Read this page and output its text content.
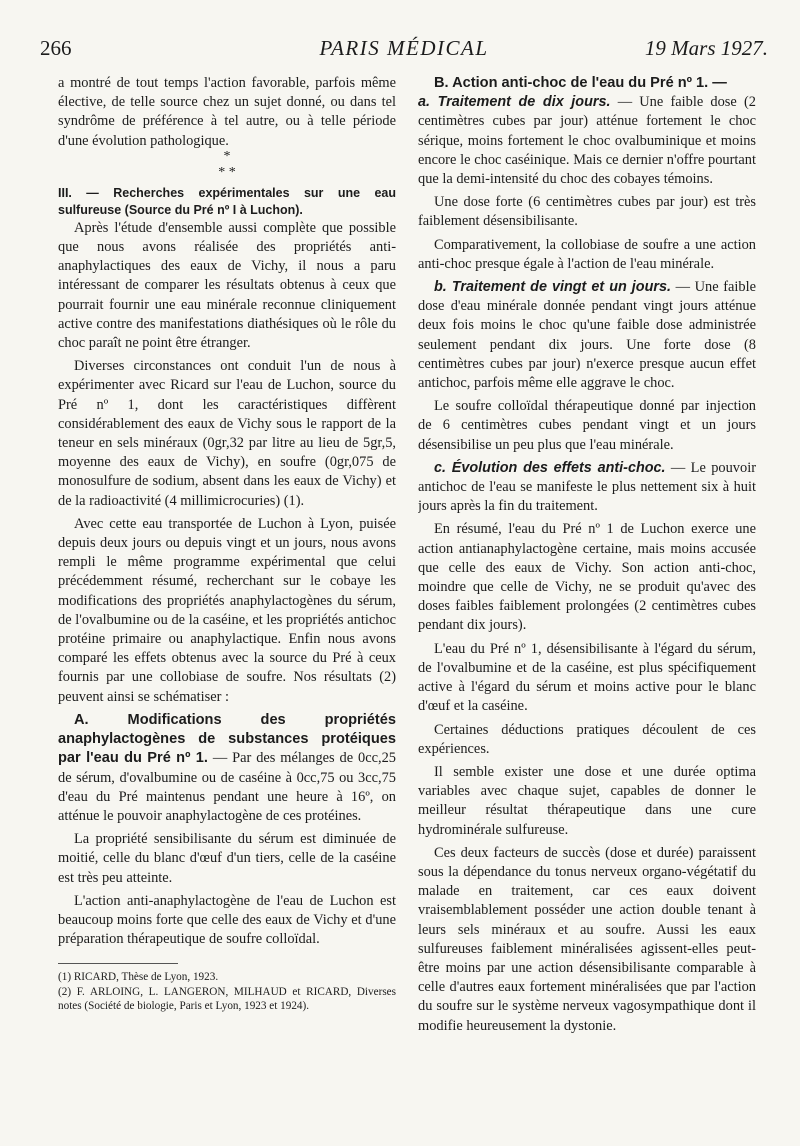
266	PARIS MÉDICAL	19 Mars 1927.

a montré de tout temps l'action favorable, parfois même élective, de telle source chez un sujet donné, ou dans tel syndrôme de préférence à tel autre, ou à telle période d'une évolution pathologique.

*
* *

III. — Recherches expérimentales sur une eau sulfureuse (Source du Pré nº I à Luchon).

Après l'étude d'ensemble aussi complète que possible que nous avons réalisée des propriétés anti-anaphylactiques des eaux de Vichy, il nous a paru intéressant de comparer les résultats obtenus à ceux que pourrait fournir une eau minérale reconnue cliniquement active contre des manifestations diathésiques où le rôle du choc paraît ne point être étranger.

Diverses circonstances ont conduit l'un de nous à expérimenter avec Ricard sur l'eau de Luchon, source du Pré nº 1, dont les caractéristiques diffèrent considérablement des eaux de Vichy sous le rapport de la teneur en sels minéraux (0gr,32 par litre au lieu de 5gr,5, moyenne des eaux de Vichy), en soufre (0gr,075 de monosulfure de sodium, absent dans les eaux de Vichy) et de la radioactivité (4 millimicrocuries) (1).

Avec cette eau transportée de Luchon à Lyon, puisée depuis deux jours ou depuis vingt et un jours, nous avons rempli le même programme expérimental que celui précédemment résumé, recherchant sur le cobaye les modifications des propriétés anaphylactogènes du sérum, de l'ovalbumine ou de la caséine, et les propriétés antichoc protéine primaire ou anaphylactique. Enfin nous avons comparé les effets obtenus avec la source du Pré à ceux fournis par une collobiase de soufre. Nos résultats (2) peuvent ainsi se schématiser :

A. Modifications des propriétés anaphylactogènes de substances protéiques par l'eau du Pré nº 1. — Par des mélanges de 0cc,25 de sérum, d'ovalbumine ou de caséine à 0cc,75 ou 3cc,75 d'eau du Pré maintenus pendant une heure à 16º, on atténue le pouvoir anaphylactogène de ces protéines.

La propriété sensibilisante du sérum est diminuée de moitié, celle du blanc d'œuf d'un tiers, celle de la caséine est très peu atteinte.

L'action anti-anaphylactogène de l'eau de Luchon est beaucoup moins forte que celle des eaux de Vichy et d'une préparation thérapeutique de soufre colloïdal.

(1) RICARD, Thèse de Lyon, 1923.

(2) F. ARLOING, L. LANGERON, MILHAUD et RICARD, Diverses notes (Société de biologie, Paris et Lyon, 1923 et 1924).

B. Action anti-choc de l'eau du Pré nº 1. —

a. Traitement de dix jours. — Une faible dose (2 centimètres cubes par jour) atténue fortement le choc sérique, moins fortement le choc ovalbuminique et moins encore le choc caséinique. Mais ce dernier n'offre pourtant que la demi-intensité du choc des cobayes témoins.

Une dose forte (6 centimètres cubes par jour) est très faiblement désensibilisante.

Comparativement, la collobiase de soufre a une action anti-choc presque égale à l'action de l'eau minérale.

b. Traitement de vingt et un jours. — Une faible dose d'eau minérale donnée pendant vingt jours atténue deux fois moins le choc qu'une faible dose administrée seulement pendant dix jours. Une forte dose (8 centimètres cubes par jour) n'exerce presque aucun effet antichoc, parfois même elle aggrave le choc.

Le soufre colloïdal thérapeutique donné par injection de 6 centimètres cubes pendant vingt et un jours désensibilise un peu plus que l'eau minérale.

c. Évolution des effets anti-choc. — Le pouvoir antichoc de l'eau se manifeste le plus nettement six à huit jours après la fin du traitement.

En résumé, l'eau du Pré nº 1 de Luchon exerce une action antianaphylactogène certaine, mais moins accusée que celle des eaux de Vichy. Son action anti-choc, moindre que celle de Vichy, ne se produit qu'avec des doses faibles faiblement prolongées (2 centimètres cubes pendant dix jours).

L'eau du Pré nº 1, désensibilisante à l'égard du sérum, de l'ovalbumine et de la caséine, est plus spécifiquement active à l'égard du sérum et moins active pour le blanc d'œuf et la caséine.

Certaines déductions pratiques découlent de ces expériences.

Il semble exister une dose et une durée optima variables avec chaque sujet, capables de donner le meilleur résultat thérapeutique dans une cure hydrominérale sulfureuse.

Ces deux facteurs de succès (dose et durée) paraissent sous la dépendance du tonus nerveux organo-végétatif du malade en traitement, car ces eaux doivent vraisemblablement posséder une action double tenant à leurs sels minéraux et au soufre. Aussi les eaux sulfureuses faiblement minéralisées agissent-elles peut-être moins par une action désensibilisante comparable à celle d'autres eaux fortement minéralisées que par l'action du soufre sur le système nerveux vagosympathique dont il modifie heureusement la dystonie.
